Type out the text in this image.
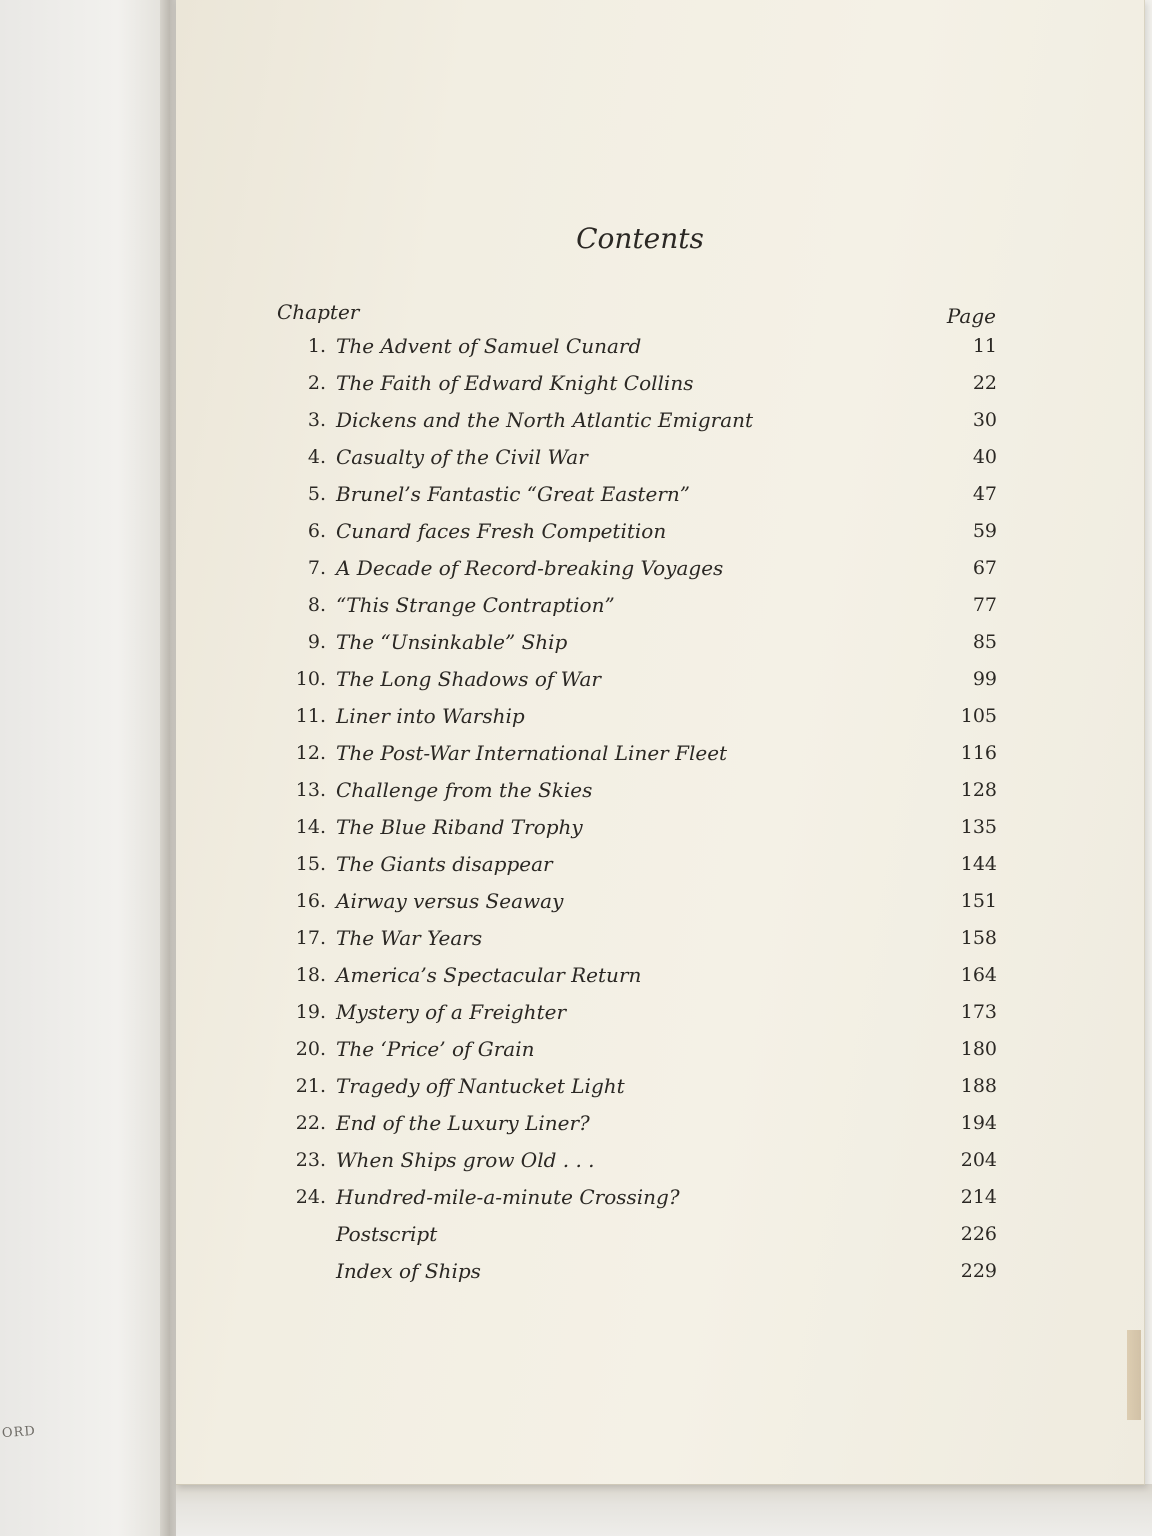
ORD
Contents
Chapter	Page
1. The Advent of Samuel Cunard	11
2. The Faith of Edward Knight Collins	22
3. Dickens and the North Atlantic Emigrant	30
4. Casualty of the Civil War	40
5. Brunel’s Fantastic “Great Eastern”	47
6. Cunard faces Fresh Competition	59
7. A Decade of Record-breaking Voyages	67
8. “This Strange Contraption”	77
9. The “Unsinkable” Ship	85
10. The Long Shadows of War	99
11. Liner into Warship	105
12. The Post-War International Liner Fleet	116
13. Challenge from the Skies	128
14. The Blue Riband Trophy	135
15. The Giants disappear	144
16. Airway versus Seaway	151
17. The War Years	158
18. America’s Spectacular Return	164
19. Mystery of a Freighter	173
20. The ‘Price’ of Grain	180
21. Tragedy off Nantucket Light	188
22. End of the Luxury Liner?	194
23. When Ships grow Old . . .	204
24. Hundred-mile-a-minute Crossing?	214
Postscript	226
Index of Ships	229
